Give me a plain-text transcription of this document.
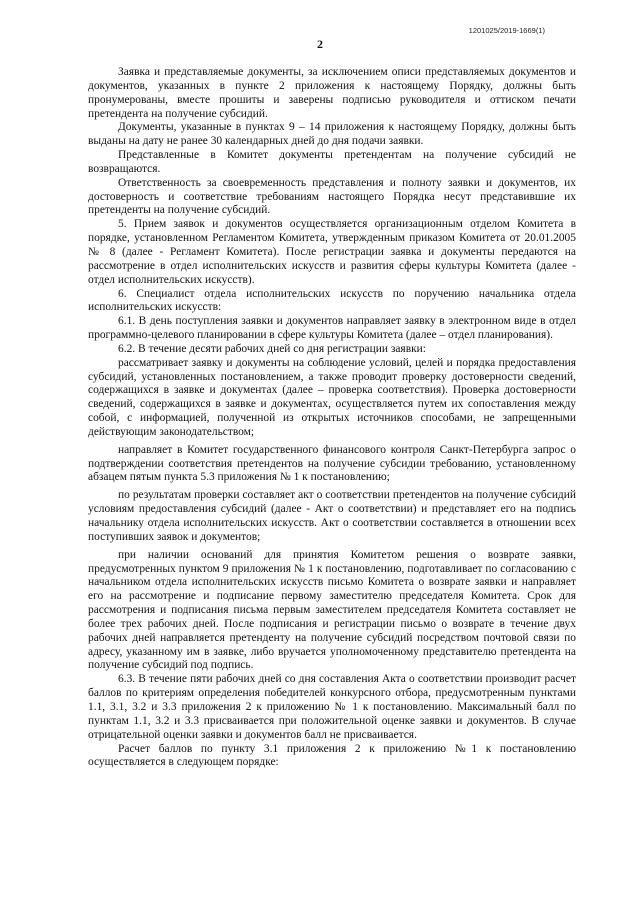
1201025/2019-1669(1)
2

Заявка и представляемые документы, за исключением описи представляемых документов и документов, указанных в пункте 2 приложения к настоящему Порядку, должны быть пронумерованы, вместе прошиты и заверены подписью руководителя и оттиском печати претендента на получение субсидий.

Документы, указанные в пунктах 9 – 14 приложения к настоящему Порядку, должны быть выданы на дату не ранее 30 календарных дней до дня подачи заявки.

Представленные в Комитет документы претендентам на получение субсидий не возвращаются.

Ответственность за своевременность представления и полноту заявки и документов, их достоверность и соответствие требованиям настоящего Порядка несут представившие их претенденты на получение субсидий.

5. Прием заявок и документов осуществляется организационным отделом Комитета в порядке, установленном Регламентом Комитета, утвержденным приказом Комитета от 20.01.2005 № 8 (далее - Регламент Комитета). После регистрации заявка и документы передаются на рассмотрение в отдел исполнительских искусств и развития сферы культуры Комитета (далее - отдел исполнительских искусств).

6. Специалист отдела исполнительских искусств по поручению начальника отдела исполнительских искусств:

6.1. В день поступления заявки и документов направляет заявку в электронном виде в отдел программно-целевого планировании в сфере культуры Комитета (далее – отдел планирования).

6.2. В течение десяти рабочих дней со дня регистрации заявки:

рассматривает заявку и документы на соблюдение условий, целей и порядка предоставления субсидий, установленных постановлением, а также проводит проверку достоверности сведений, содержащихся в заявке и документах (далее – проверка соответствия). Проверка достоверности сведений, содержащихся в заявке и документах, осуществляется путем их сопоставления между собой, с информацией, полученной из открытых источников способами, не запрещенными действующим законодательством;

направляет в Комитет государственного финансового контроля Санкт-Петербурга запрос о подтверждении соответствия претендентов на получение субсидии требованию, установленному абзацем пятым пункта 5.3 приложения № 1 к постановлению;

по результатам проверки составляет акт о соответствии претендентов на получение субсидий условиям предоставления субсидий (далее - Акт о соответствии) и представляет его на подпись начальнику отдела исполнительских искусств. Акт о соответствии составляется в отношении всех поступивших заявок и документов;

при наличии оснований для принятия Комитетом решения о возврате заявки, предусмотренных пунктом 9 приложения № 1 к постановлению, подготавливает по согласованию с начальником отдела исполнительских искусств письмо Комитета о возврате заявки и направляет его на рассмотрение и подписание первому заместителю председателя Комитета. Срок для рассмотрения и подписания письма первым заместителем председателя Комитета составляет не более трех рабочих дней. После подписания и регистрации письмо о возврате в течение двух рабочих дней направляется претенденту на получение субсидий посредством почтовой связи по адресу, указанному им в заявке, либо вручается уполномоченному представителю претендента на получение субсидий под подпись.

6.3. В течение пяти рабочих дней со дня составления Акта о соответствии производит расчет баллов по критериям определения победителей конкурсного отбора, предусмотренным пунктами 1.1, 3.1, 3.2 и 3.3 приложения 2 к приложению № 1 к постановлению. Максимальный балл по пунктам 1.1, 3.2 и 3.3 присваивается при положительной оценке заявки и документов. В случае отрицательной оценки заявки и документов балл не присваивается.

Расчет баллов по пункту 3.1 приложения 2 к приложению №1 к постановлению осуществляется в следующем порядке:
